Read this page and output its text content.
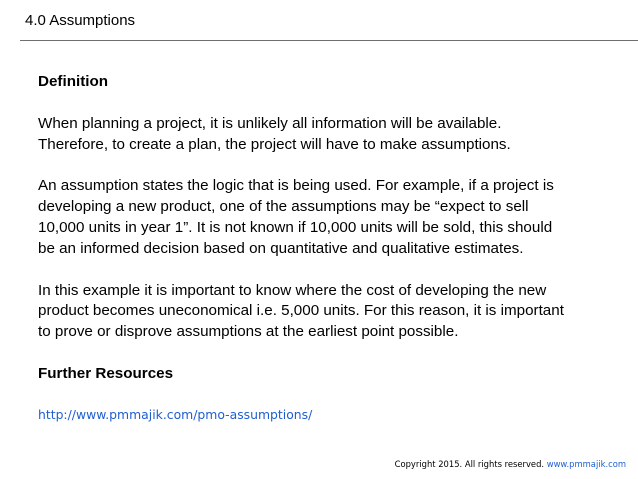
4.0 Assumptions

Definition

When planning a project, it is unlikely all information will be available.

Therefore, to create a plan, the project will have to make assumptions.

An assumption states the logic that is being used. For example, if a project is

developing a new product, one of the assumptions may be “expect to sell

10,000 units in year 1”. It is not known if 10,000 units will be sold, this should

be an informed decision based on quantitative and qualitative estimates.

In this example it is important to know where the cost of developing the new

product becomes uneconomical i.e. 5,000 units. For this reason, it is important

to prove or disprove assumptions at the earliest point possible.

Further Resources

http://www.pmmajik.com/pmo-assumptions/
Copyright 2015. All rights reserved. www.pmmajik.com
